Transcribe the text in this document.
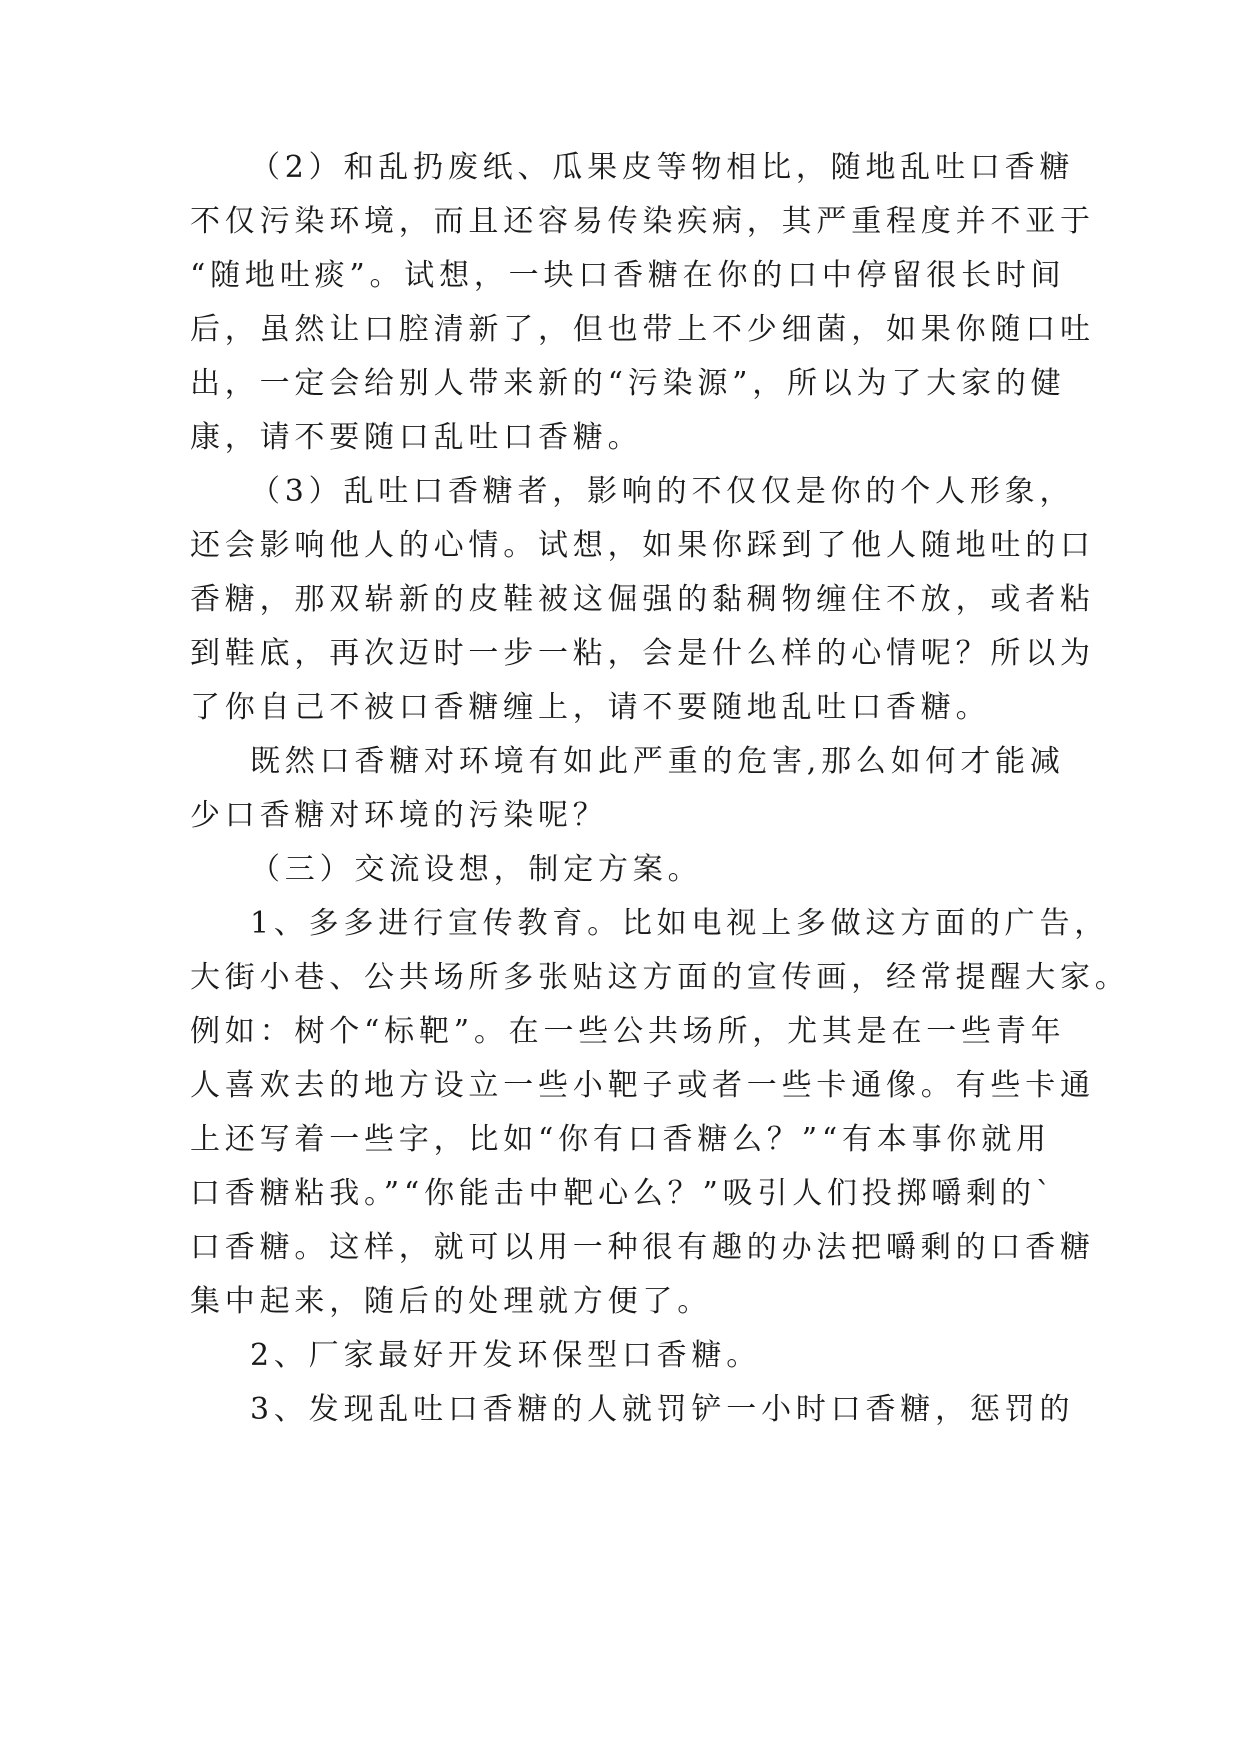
（2）和乱扔废纸、瓜果皮等物相比，随地乱吐口香糖
不仅污染环境，而且还容易传染疾病，其严重程度并不亚于
“随地吐痰”。试想，一块口香糖在你的口中停留很长时间
后，虽然让口腔清新了，但也带上不少细菌，如果你随口吐
出，一定会给别人带来新的“污染源”，所以为了大家的健
康，请不要随口乱吐口香糖。
（3）乱吐口香糖者，影响的不仅仅是你的个人形象，
还会影响他人的心情。试想，如果你踩到了他人随地吐的口
香糖，那双崭新的皮鞋被这倔强的黏稠物缠住不放，或者粘
到鞋底，再次迈时一步一粘，会是什么样的心情呢？所以为
了你自己不被口香糖缠上，请不要随地乱吐口香糖。
既然口香糖对环境有如此严重的危害,那么如何才能减
少口香糖对环境的污染呢？
（三）交流设想，制定方案。
1、多多进行宣传教育。比如电视上多做这方面的广告，
大街小巷、公共场所多张贴这方面的宣传画，经常提醒大家。
例如：树个“标靶”。在一些公共场所，尤其是在一些青年
人喜欢去的地方设立一些小靶子或者一些卡通像。有些卡通
上还写着一些字，比如“你有口香糖么？”“有本事你就用
口香糖粘我。”“你能击中靶心么？”吸引人们投掷嚼剩的`
口香糖。这样，就可以用一种很有趣的办法把嚼剩的口香糖
集中起来，随后的处理就方便了。
2、厂家最好开发环保型口香糖。
3、发现乱吐口香糖的人就罚铲一小时口香糖，惩罚的
